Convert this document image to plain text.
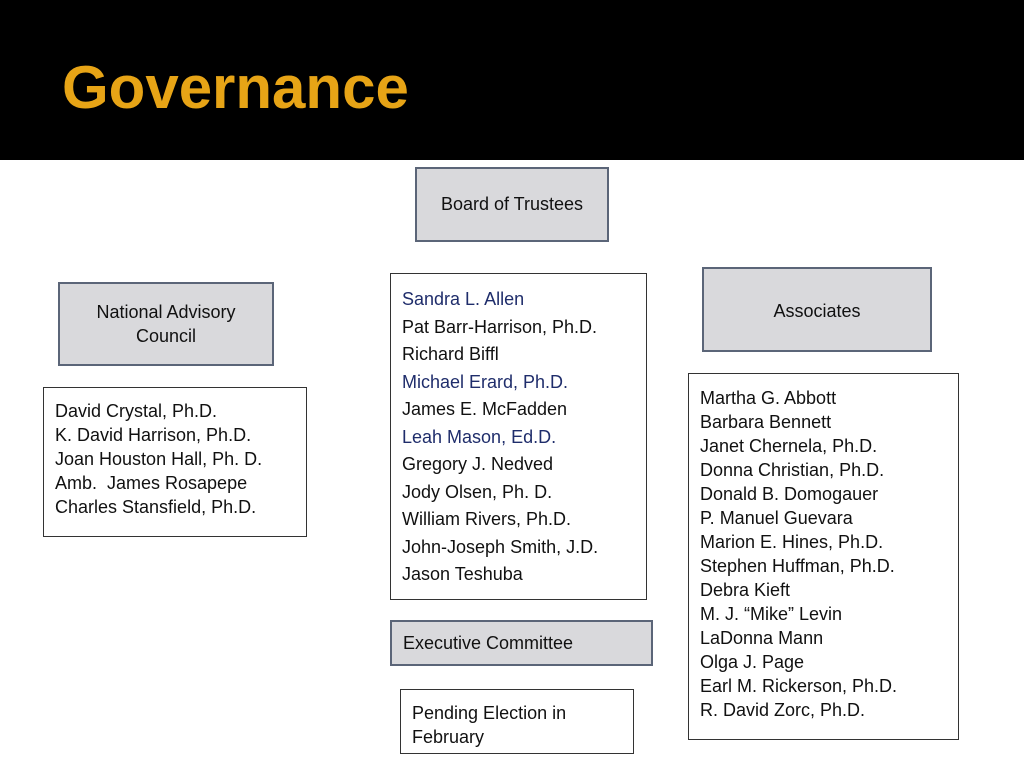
Governance
Board of Trustees
National Advisory
Council
David Crystal, Ph.D.
K. David Harrison, Ph.D.
Joan Houston Hall, Ph. D.
Amb.  James Rosapepe
Charles Stansfield, Ph.D.
Sandra L. Allen
Pat Barr-Harrison, Ph.D.
Richard Biffl
Michael Erard, Ph.D.
James E. McFadden
Leah Mason, Ed.D.
Gregory J. Nedved
Jody Olsen, Ph. D.
William Rivers, Ph.D.
John-Joseph Smith, J.D.
Jason Teshuba
Executive Committee
Pending Election in
February
Associates
Martha G. Abbott
Barbara Bennett
Janet Chernela, Ph.D.
Donna Christian, Ph.D.
Donald B. Domogauer
P. Manuel Guevara
Marion E. Hines, Ph.D.
Stephen Huffman, Ph.D.
Debra Kieft
M. J. “Mike” Levin
LaDonna Mann
Olga J. Page
Earl M. Rickerson, Ph.D.
R. David Zorc, Ph.D.
